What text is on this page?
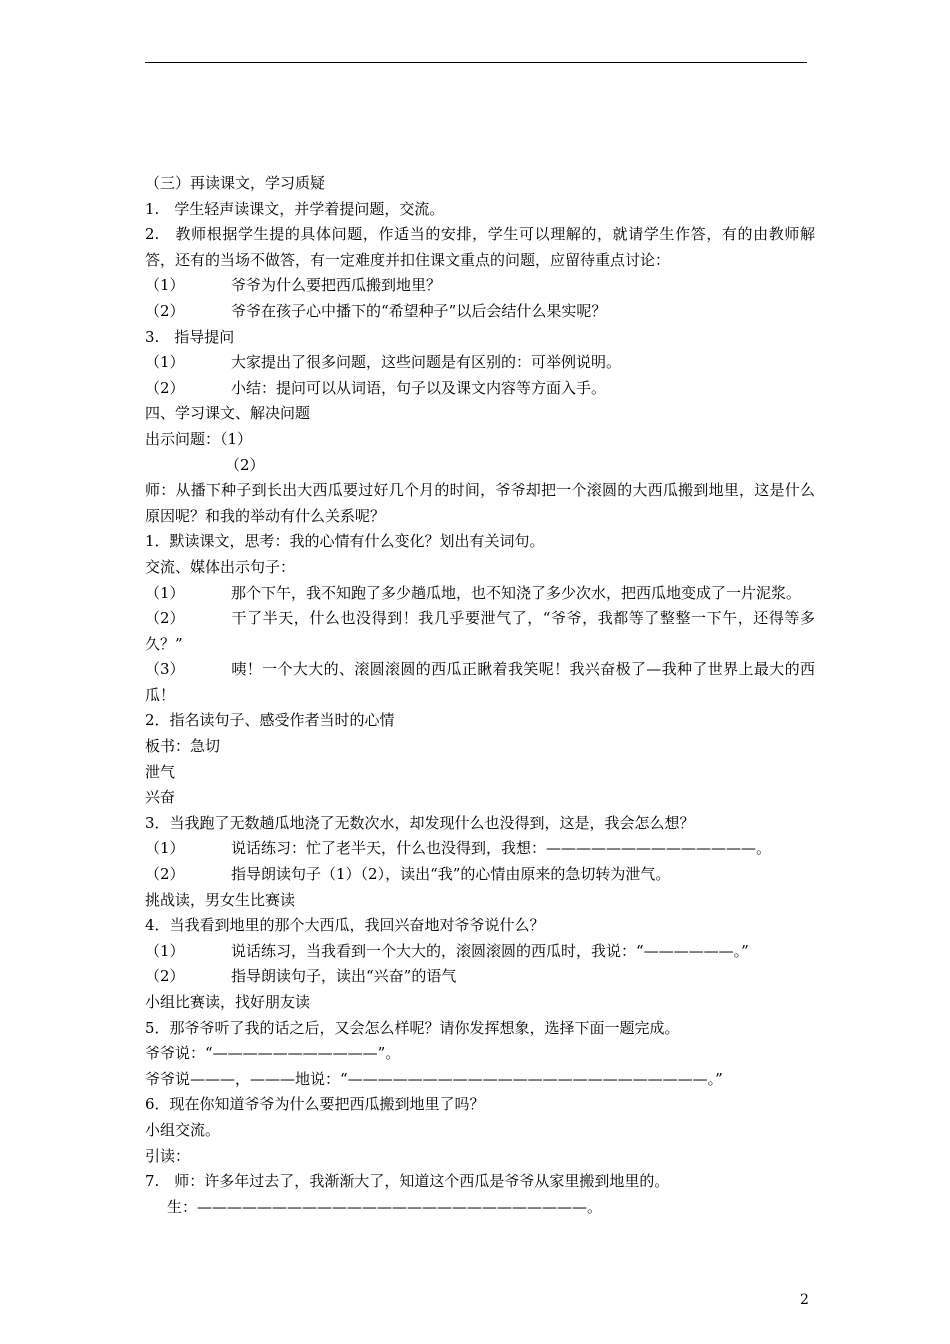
（三）再读课文，学习质疑
1.　学生轻声读课文，并学着提问题，交流。
2.　教师根据学生提的具体问题，作适当的安排，学生可以理解的，就请学生作答，有的由教师解答，还有的当场不做答，有一定难度并扣住课文重点的问题，应留待重点讨论：
（1）	爷爷为什么要把西瓜搬到地里？
（2）	爷爷在孩子心中播下的“希望种子”以后会结什么果实呢？
3.　指导提问
（1）	大家提出了很多问题，这些问题是有区别的：可举例说明。
（2）	小结：提问可以从词语，句子以及课文内容等方面入手。
四、学习课文、解决问题
出示问题：（1）
（2）
师：从播下种子到长出大西瓜要过好几个月的时间，爷爷却把一个滚圆的大西瓜搬到地里，这是什么原因呢？和我的举动有什么关系呢？
1．默读课文，思考：我的心情有什么变化？划出有关词句。
交流、媒体出示句子：
（1）	那个下午，我不知跑了多少趟瓜地，也不知浇了多少次水，把西瓜地变成了一片泥浆。
（2）	干了半天，什么也没得到！我几乎要泄气了，“爷爷，我都等了整整一下午，还得等多久？”
（3）	咦！一个大大的、滚圆滚圆的西瓜正瞅着我笑呢！我兴奋极了—我种了世界上最大的西瓜！
2．指名读句子、感受作者当时的心情
板书：急切
泄气
兴奋
3．当我跑了无数趟瓜地浇了无数次水，却发现什么也没得到，这是，我会怎么想？
（1）	说话练习：忙了老半天，什么也没得到，我想：——————————————。
（2）	指导朗读句子（1）（2），读出“我”的心情由原来的急切转为泄气。
挑战读，男女生比赛读
4．当我看到地里的那个大西瓜，我回兴奋地对爷爷说什么？
（1）	说话练习，当我看到一个大大的，滚圆滚圆的西瓜时，我说：“——————。”
（2）	指导朗读句子，读出“兴奋”的语气
小组比赛读，找好朋友读
5．那爷爷听了我的话之后，又会怎么样呢？请你发挥想象，选择下面一题完成。
爷爷说：“———————————”。
爷爷说———，———地说：“————————————————————————。”
6．现在你知道爷爷为什么要把西瓜搬到地里了吗？
小组交流。
引读：
7.　师：许多年过去了，我渐渐大了，知道这个西瓜是爷爷从家里搬到地里的。
生：——————————————————————————。
2
